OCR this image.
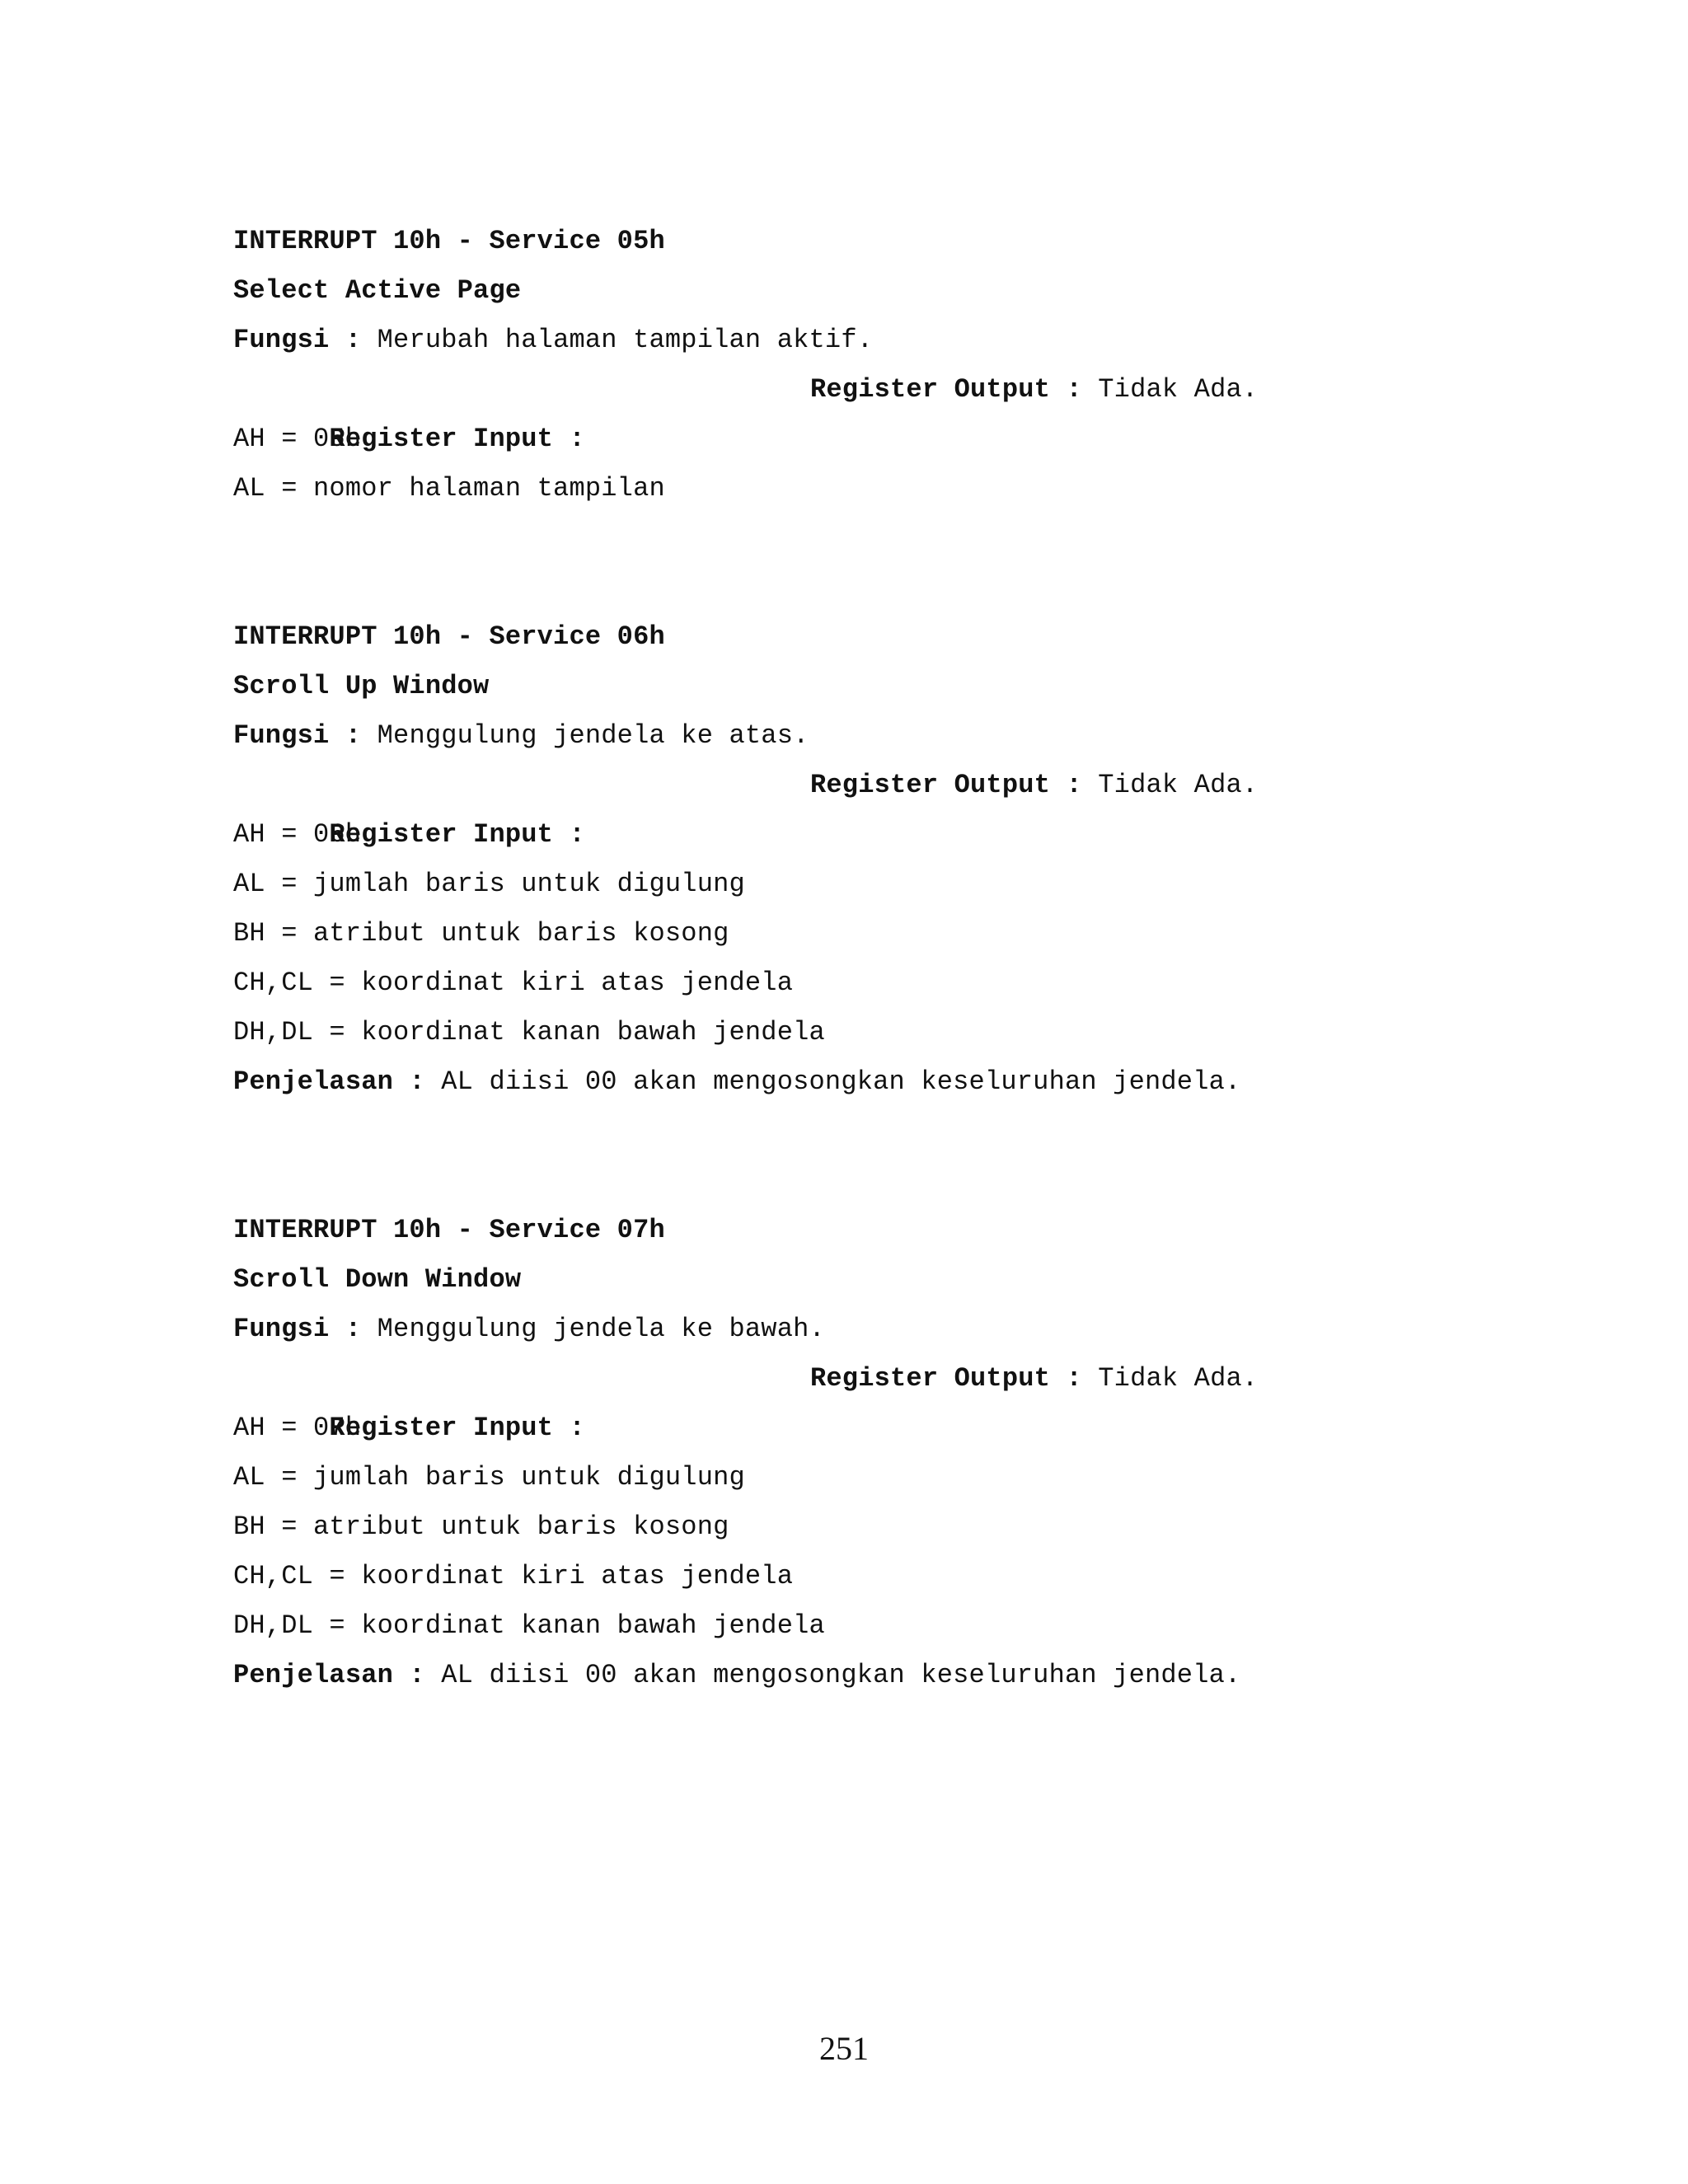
INTERRUPT 10h - Service 05h
Select Active Page
Fungsi : Merubah halaman tampilan aktif.

Register Input :

Register Output : Tidak Ada.

AH = 05h
AL = nomor halaman tampilan
INTERRUPT 10h - Service 06h
Scroll Up Window
Fungsi : Menggulung jendela ke atas.

Register Input :

Register Output : Tidak Ada.

AH = 06h
AL = jumlah baris untuk digulung
BH = atribut untuk baris kosong
CH,CL = koordinat kiri atas jendela
DH,DL = koordinat kanan bawah jendela
Penjelasan : AL diisi 00 akan mengosongkan keseluruhan jendela.
INTERRUPT 10h - Service 07h
Scroll Down Window
Fungsi : Menggulung jendela ke bawah.

Register Input :

Register Output : Tidak Ada.

AH = 07h
AL = jumlah baris untuk digulung
BH = atribut untuk baris kosong
CH,CL = koordinat kiri atas jendela
DH,DL = koordinat kanan bawah jendela
Penjelasan : AL diisi 00 akan mengosongkan keseluruhan jendela.
251
